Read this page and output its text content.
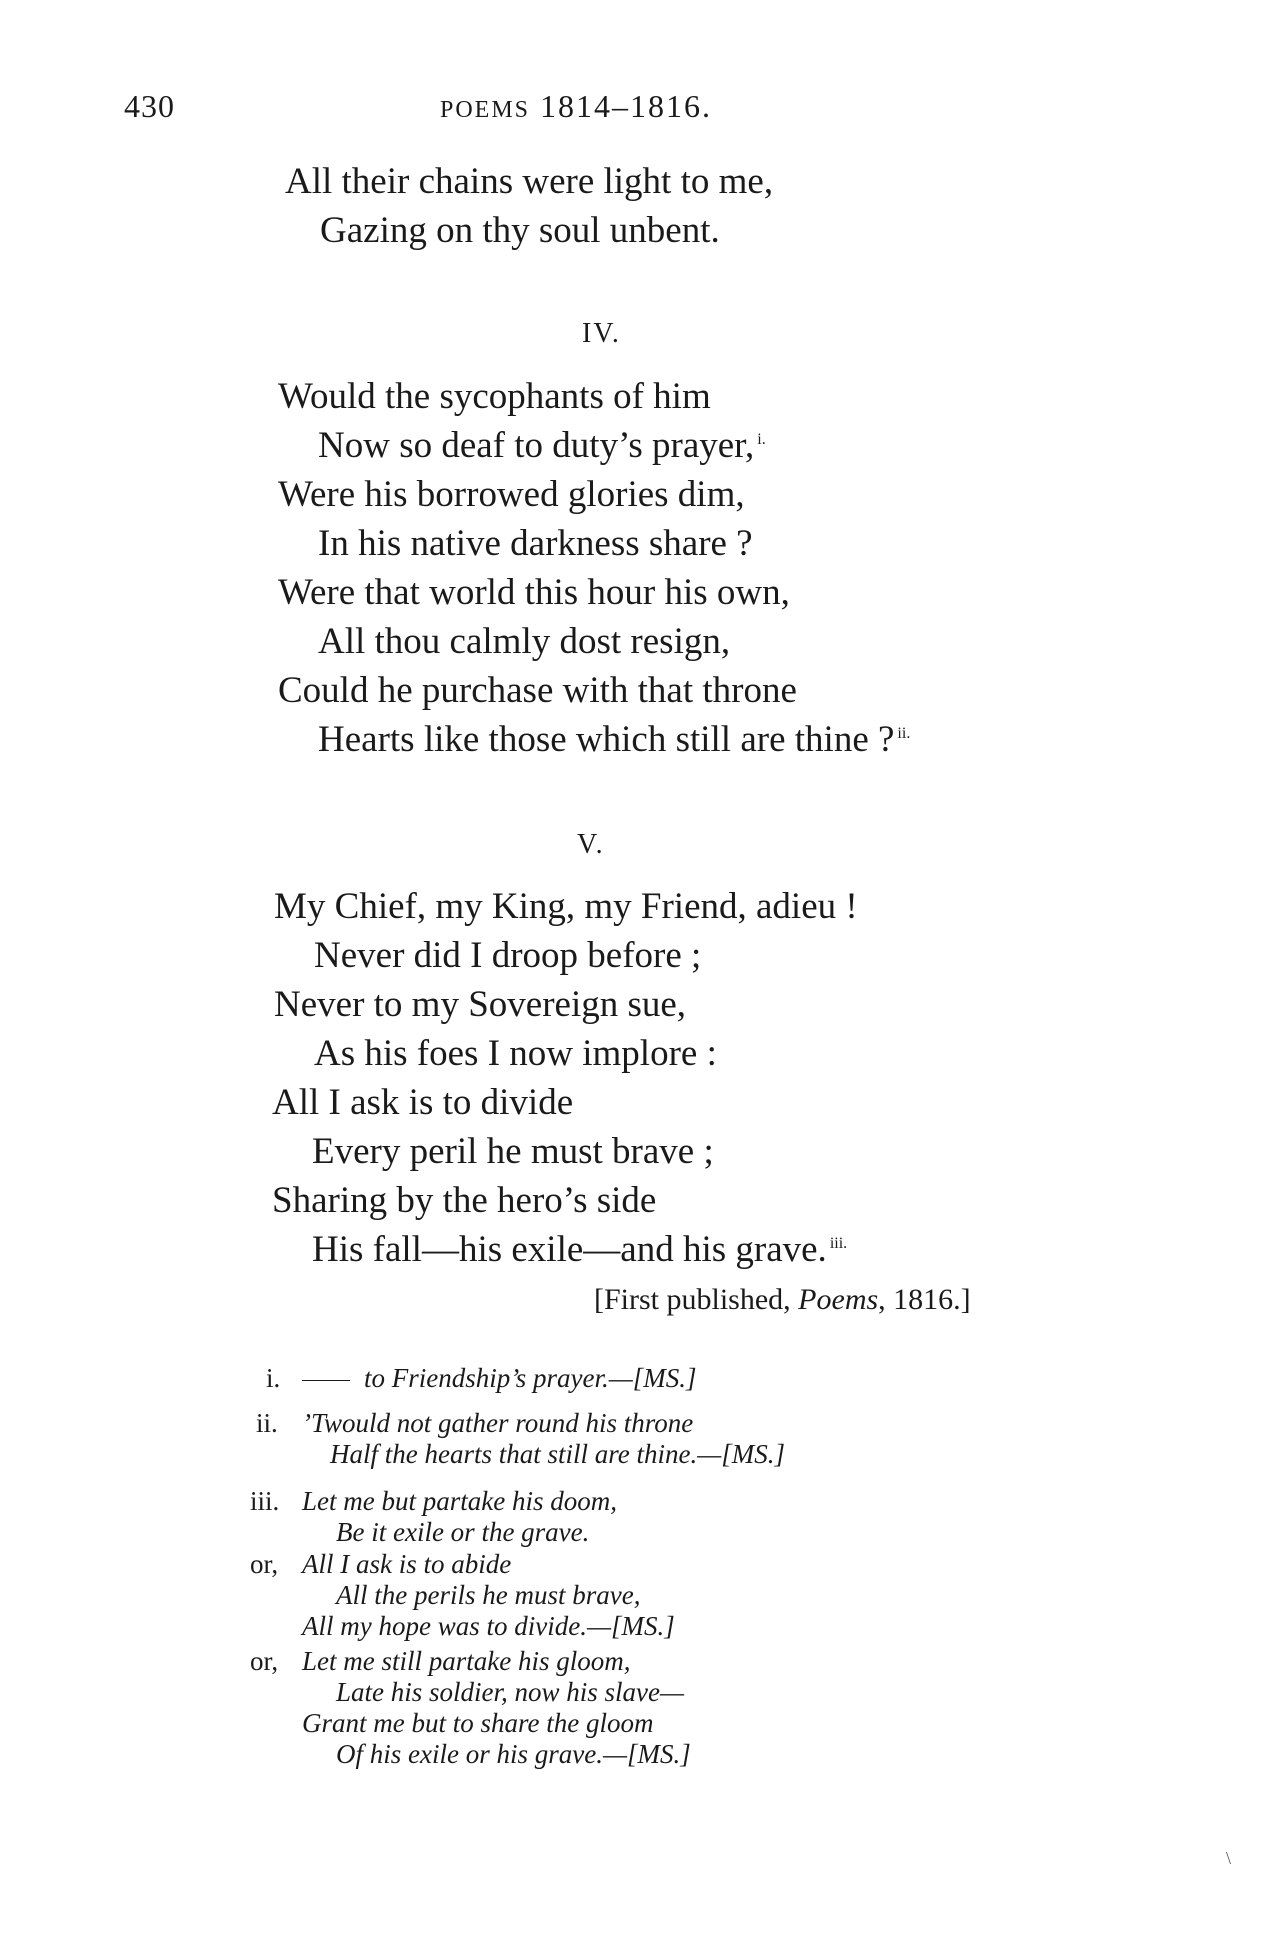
430	POEMS 1814–1816.
All their chains were light to me,
Gazing on thy soul unbent.
IV.
Would the sycophants of him
Now so deaf to duty’s prayer, $^{i.}$
Were his borrowed glories dim,
In his native darkness share ?
Were that world this hour his own,
All thou calmly dost resign,
Could he purchase with that throne
Hearts like those which still are thine ? $^{ii.}$
V.
My Chief, my King, my Friend, adieu !
Never did I droop before ;
Never to my Sovereign sue,
As his foes I now implore :
All I ask is to divide
Every peril he must brave ;
Sharing by the hero’s side
His fall—his exile—and his grave. $^{iii.}$
[First published, Poems, 1816.]
i.	to Friendship’s prayer.—[MS.]
ii. ’Twould not gather round his throne
Half the hearts that still are thine.—[MS.]
iii. Let me but partake his doom,
Be it exile or the grave.
or, All I ask is to abide
All the perils he must brave,
All my hope was to divide.—[MS.]
or, Let me still partake his gloom,
Late his soldier, now his slave—
Grant me but to share the gloom
Of his exile or his grave.—[MS.]
\
